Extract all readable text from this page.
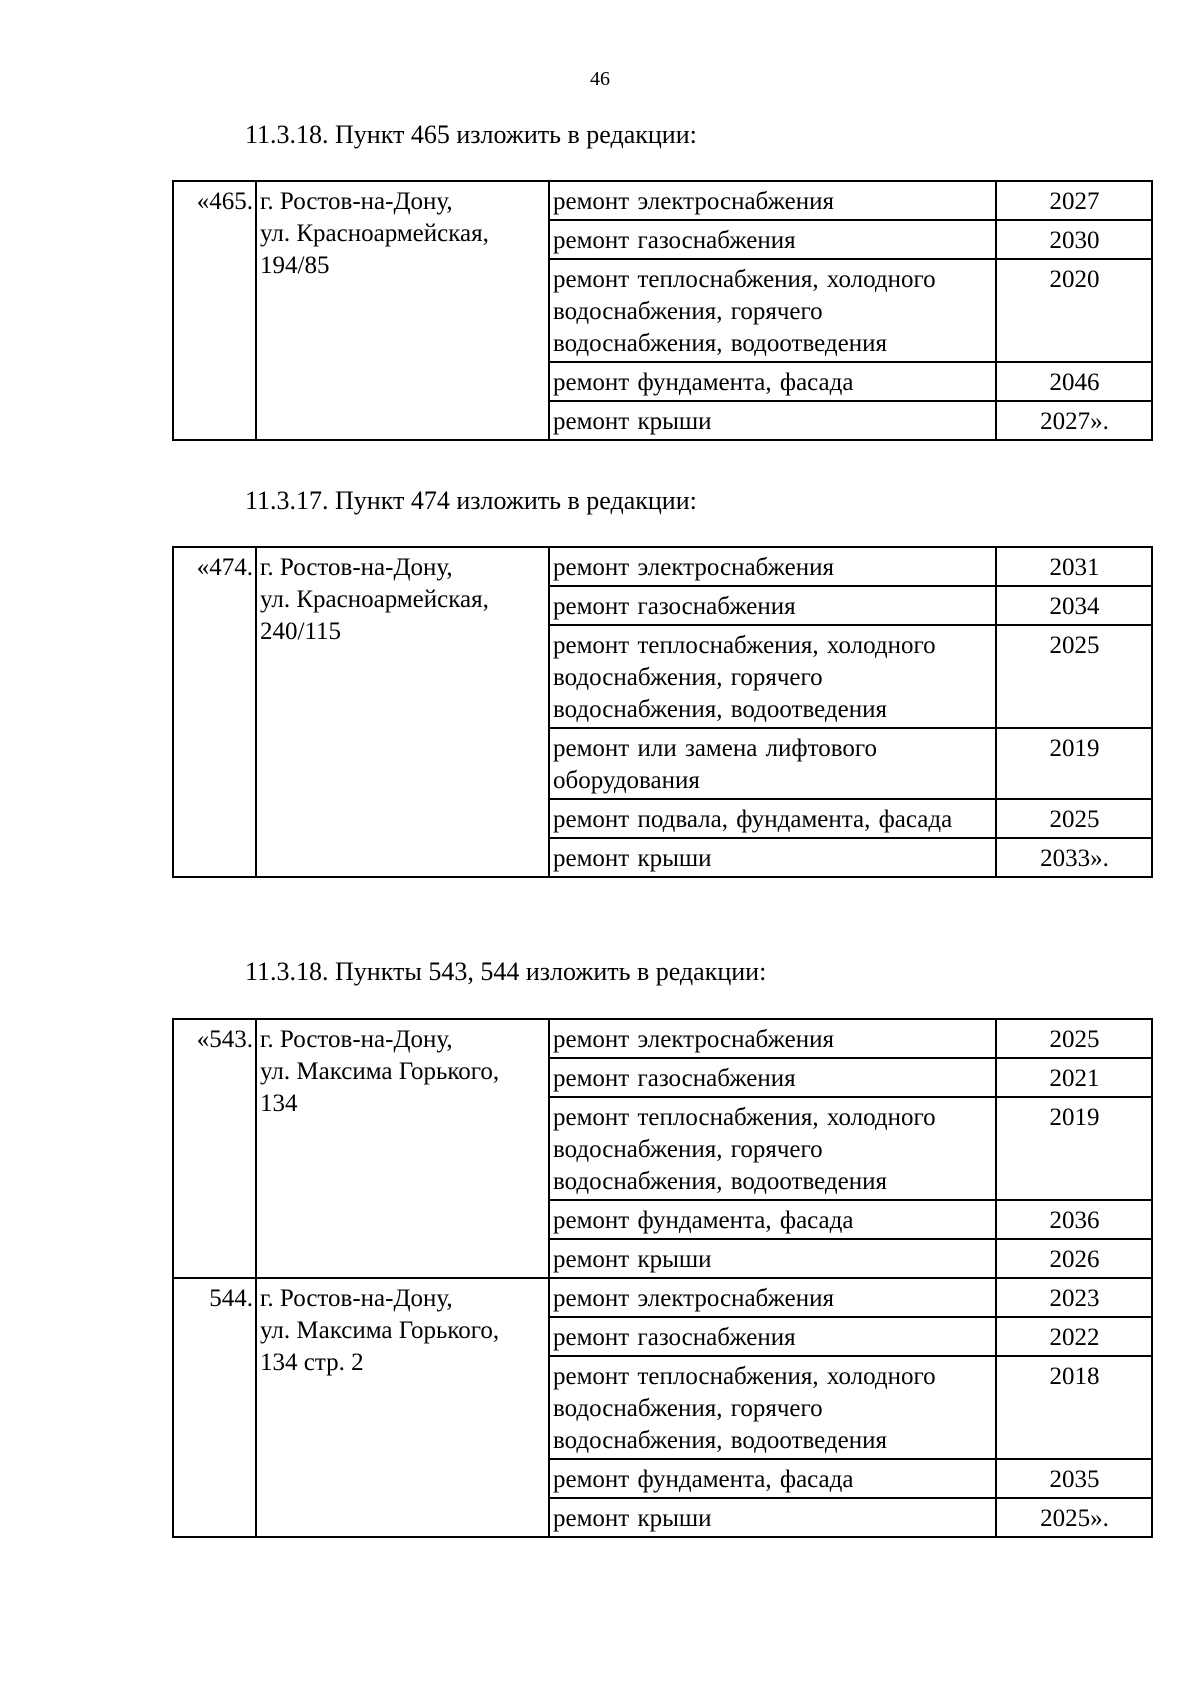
46
11.3.18. Пункт 465 изложить в редакции:
«465.	г. Ростов-на-Дону,
ул. Красноармейская,
194/85	ремонт электроснабжения	2027
		ремонт газоснабжения	2030
		ремонт теплоснабжения, холодного водоснабжения, горячего водоснабжения, водоотведения	2020
		ремонт фундамента, фасада	2046
		ремонт крыши	2027».
11.3.17. Пункт 474 изложить в редакции:
«474.	г. Ростов-на-Дону,
ул. Красноармейская,
240/115	ремонт электроснабжения	2031
		ремонт газоснабжения	2034
		ремонт теплоснабжения, холодного водоснабжения, горячего водоснабжения, водоотведения	2025
		ремонт или замена лифтового оборудования	2019
		ремонт подвала, фундамента, фасада	2025
		ремонт крыши	2033».
11.3.18. Пункты 543, 544 изложить в редакции:
«543.	г. Ростов-на-Дону,
ул. Максима Горького,
134	ремонт электроснабжения	2025
		ремонт газоснабжения	2021
		ремонт теплоснабжения, холодного водоснабжения, горячего водоснабжения, водоотведения	2019
		ремонт фундамента, фасада	2036
		ремонт крыши	2026
544.	г. Ростов-на-Дону,
ул. Максима Горького,
134 стр. 2	ремонт электроснабжения	2023
		ремонт газоснабжения	2022
		ремонт теплоснабжения, холодного водоснабжения, горячего водоснабжения, водоотведения	2018
		ремонт фундамента, фасада	2035
		ремонт крыши	2025».
